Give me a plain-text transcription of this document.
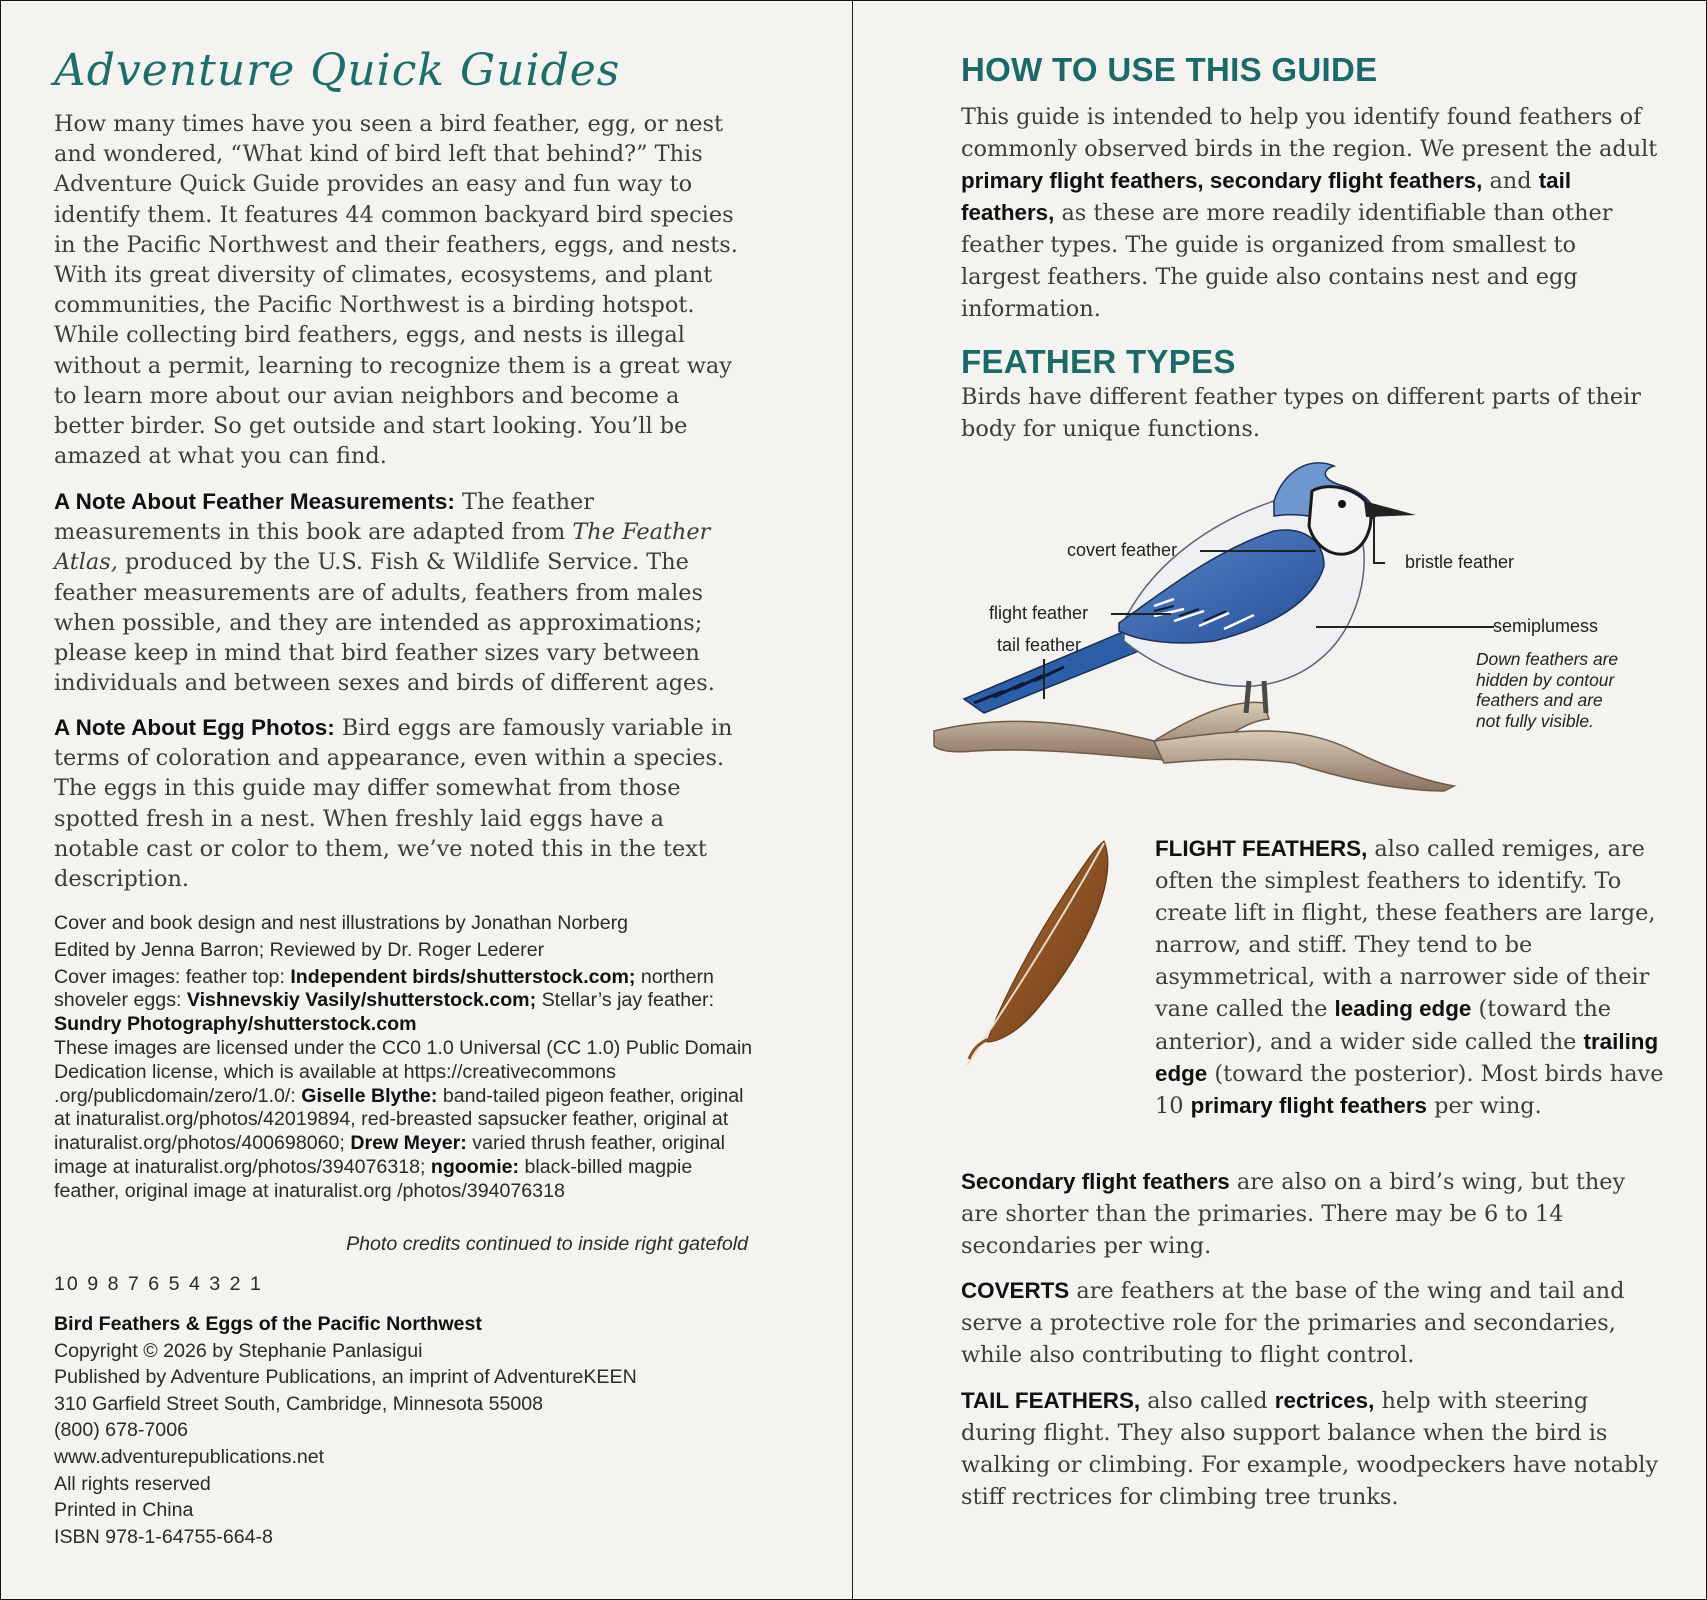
Adventure Quick Guides

How many times have you seen a bird feather, egg, or nest and wondered, “What kind of bird left that behind?” This Adventure Quick Guide provides an easy and fun way to identify them. It features 44 common backyard bird species in the Pacific Northwest and their feathers, eggs, and nests. With its great diversity of climates, ecosystems, and plant communities, the Pacific Northwest is a birding hotspot. While collecting bird feathers, eggs, and nests is illegal without a permit, learning to recognize them is a great way to learn more about our avian neighbors and become a better birder. So get outside and start looking. You’ll be amazed at what you can find.

A Note About Feather Measurements: The feather measurements in this book are adapted from The Feather Atlas, produced by the U.S. Fish & Wildlife Service. The feather measurements are of adults, feathers from males when possible, and they are intended as approximations; please keep in mind that bird feather sizes vary between individuals and between sexes and birds of different ages.

A Note About Egg Photos: Bird eggs are famously variable in terms of coloration and appearance, even within a species. The eggs in this guide may differ somewhat from those spotted fresh in a nest. When freshly laid eggs have a notable cast or color to them, we’ve noted this in the text description.

Cover and book design and nest illustrations by Jonathan Norberg
Edited by Jenna Barron; Reviewed by Dr. Roger Lederer
Cover images: feather top: Independent birds/shutterstock.com; northern shoveler eggs: Vishnevskiy Vasily/shutterstock.com; Stellar’s jay feather: Sundry Photography/shutterstock.com
These images are licensed under the CC0 1.0 Universal (CC 1.0) Public Domain Dedication license, which is available at https://creativecommons .org/publicdomain/zero/1.0/: Giselle Blythe: band-tailed pigeon feather, original at inaturalist.org/photos/42019894, red-breasted sapsucker feather, original at inaturalist.org/photos/400698060; Drew Meyer: varied thrush feather, original image at inaturalist.org/photos/394076318; ngoomie: black-billed magpie feather, original image at inaturalist.org /photos/394076318
Photo credits continued to inside right gatefold
10 9 8 7 6 5 4 3 2 1
Bird Feathers & Eggs of the Pacific Northwest
Copyright © 2026 by Stephanie Panlasigui
Published by Adventure Publications, an imprint of AdventureKEEN
310 Garfield Street South, Cambridge, Minnesota 55008
(800) 678-7006
www.adventurepublications.net
All rights reserved
Printed in China
ISBN 978-1-64755-664-8
HOW TO USE THIS GUIDE

This guide is intended to help you identify found feathers of commonly observed birds in the region. We present the adult primary flight feathers, secondary flight feathers, and tail feathers, as these are more readily identifiable than other feather types. The guide is organized from smallest to largest feathers. The guide also contains nest and egg information.

FEATHER TYPES

Birds have different feather types on different parts of their body for unique functions.

covert feather
bristle feather
flight feather
semiplumess
tail feather
Down feathers are hidden by contour feathers and are not fully visible.

FLIGHT FEATHERS, also called remiges, are often the simplest feathers to identify. To create lift in flight, these feathers are large, narrow, and stiff. They tend to be asymmetrical, with a narrower side of their vane called the leading edge (toward the anterior), and a wider side called the trailing edge (toward the posterior). Most birds have 10 primary flight feathers per wing.

Secondary flight feathers are also on a bird’s wing, but they are shorter than the primaries. There may be 6 to 14 secondaries per wing.

COVERTS are feathers at the base of the wing and tail and serve a protective role for the primaries and secondaries, while also contributing to flight control.

TAIL FEATHERS, also called rectrices, help with steering during flight. They also support balance when the bird is walking or climbing. For example, woodpeckers have notably stiff rectrices for climbing tree trunks.
